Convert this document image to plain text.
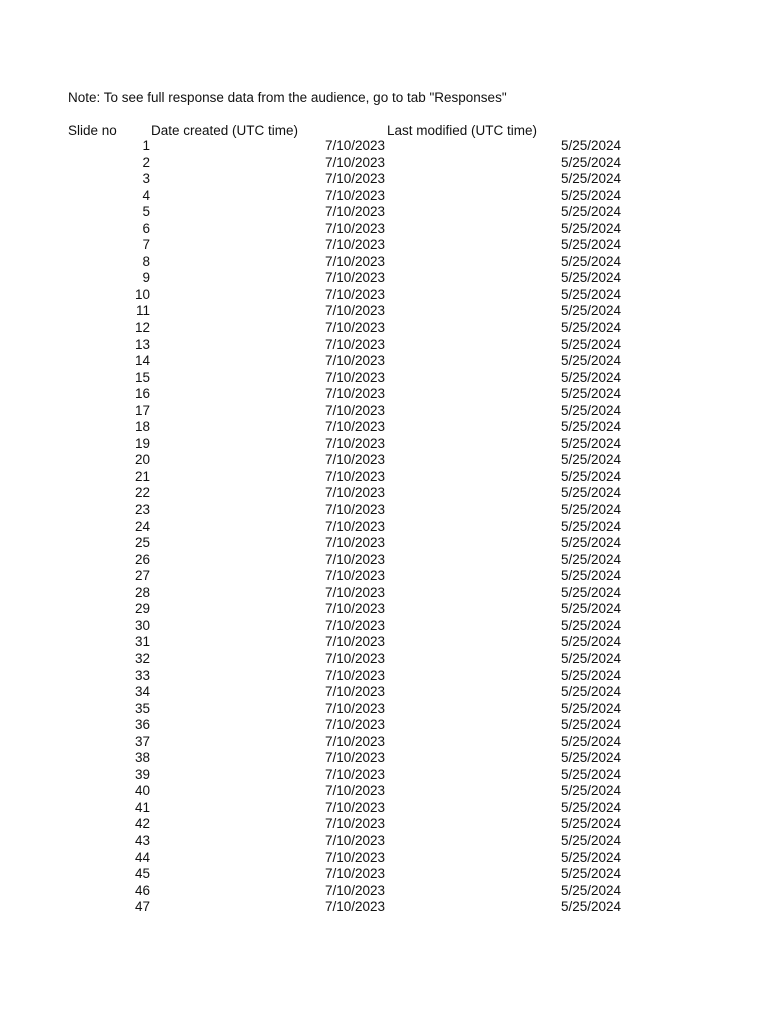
Note: To see full response data from the audience, go to tab "Responses"
Slide no	Date created (UTC time)	Last modified (UTC time)
1	7/10/2023	5/25/2024
2	7/10/2023	5/25/2024
3	7/10/2023	5/25/2024
4	7/10/2023	5/25/2024
5	7/10/2023	5/25/2024
6	7/10/2023	5/25/2024
7	7/10/2023	5/25/2024
8	7/10/2023	5/25/2024
9	7/10/2023	5/25/2024
10	7/10/2023	5/25/2024
11	7/10/2023	5/25/2024
12	7/10/2023	5/25/2024
13	7/10/2023	5/25/2024
14	7/10/2023	5/25/2024
15	7/10/2023	5/25/2024
16	7/10/2023	5/25/2024
17	7/10/2023	5/25/2024
18	7/10/2023	5/25/2024
19	7/10/2023	5/25/2024
20	7/10/2023	5/25/2024
21	7/10/2023	5/25/2024
22	7/10/2023	5/25/2024
23	7/10/2023	5/25/2024
24	7/10/2023	5/25/2024
25	7/10/2023	5/25/2024
26	7/10/2023	5/25/2024
27	7/10/2023	5/25/2024
28	7/10/2023	5/25/2024
29	7/10/2023	5/25/2024
30	7/10/2023	5/25/2024
31	7/10/2023	5/25/2024
32	7/10/2023	5/25/2024
33	7/10/2023	5/25/2024
34	7/10/2023	5/25/2024
35	7/10/2023	5/25/2024
36	7/10/2023	5/25/2024
37	7/10/2023	5/25/2024
38	7/10/2023	5/25/2024
39	7/10/2023	5/25/2024
40	7/10/2023	5/25/2024
41	7/10/2023	5/25/2024
42	7/10/2023	5/25/2024
43	7/10/2023	5/25/2024
44	7/10/2023	5/25/2024
45	7/10/2023	5/25/2024
46	7/10/2023	5/25/2024
47	7/10/2023	5/25/2024
